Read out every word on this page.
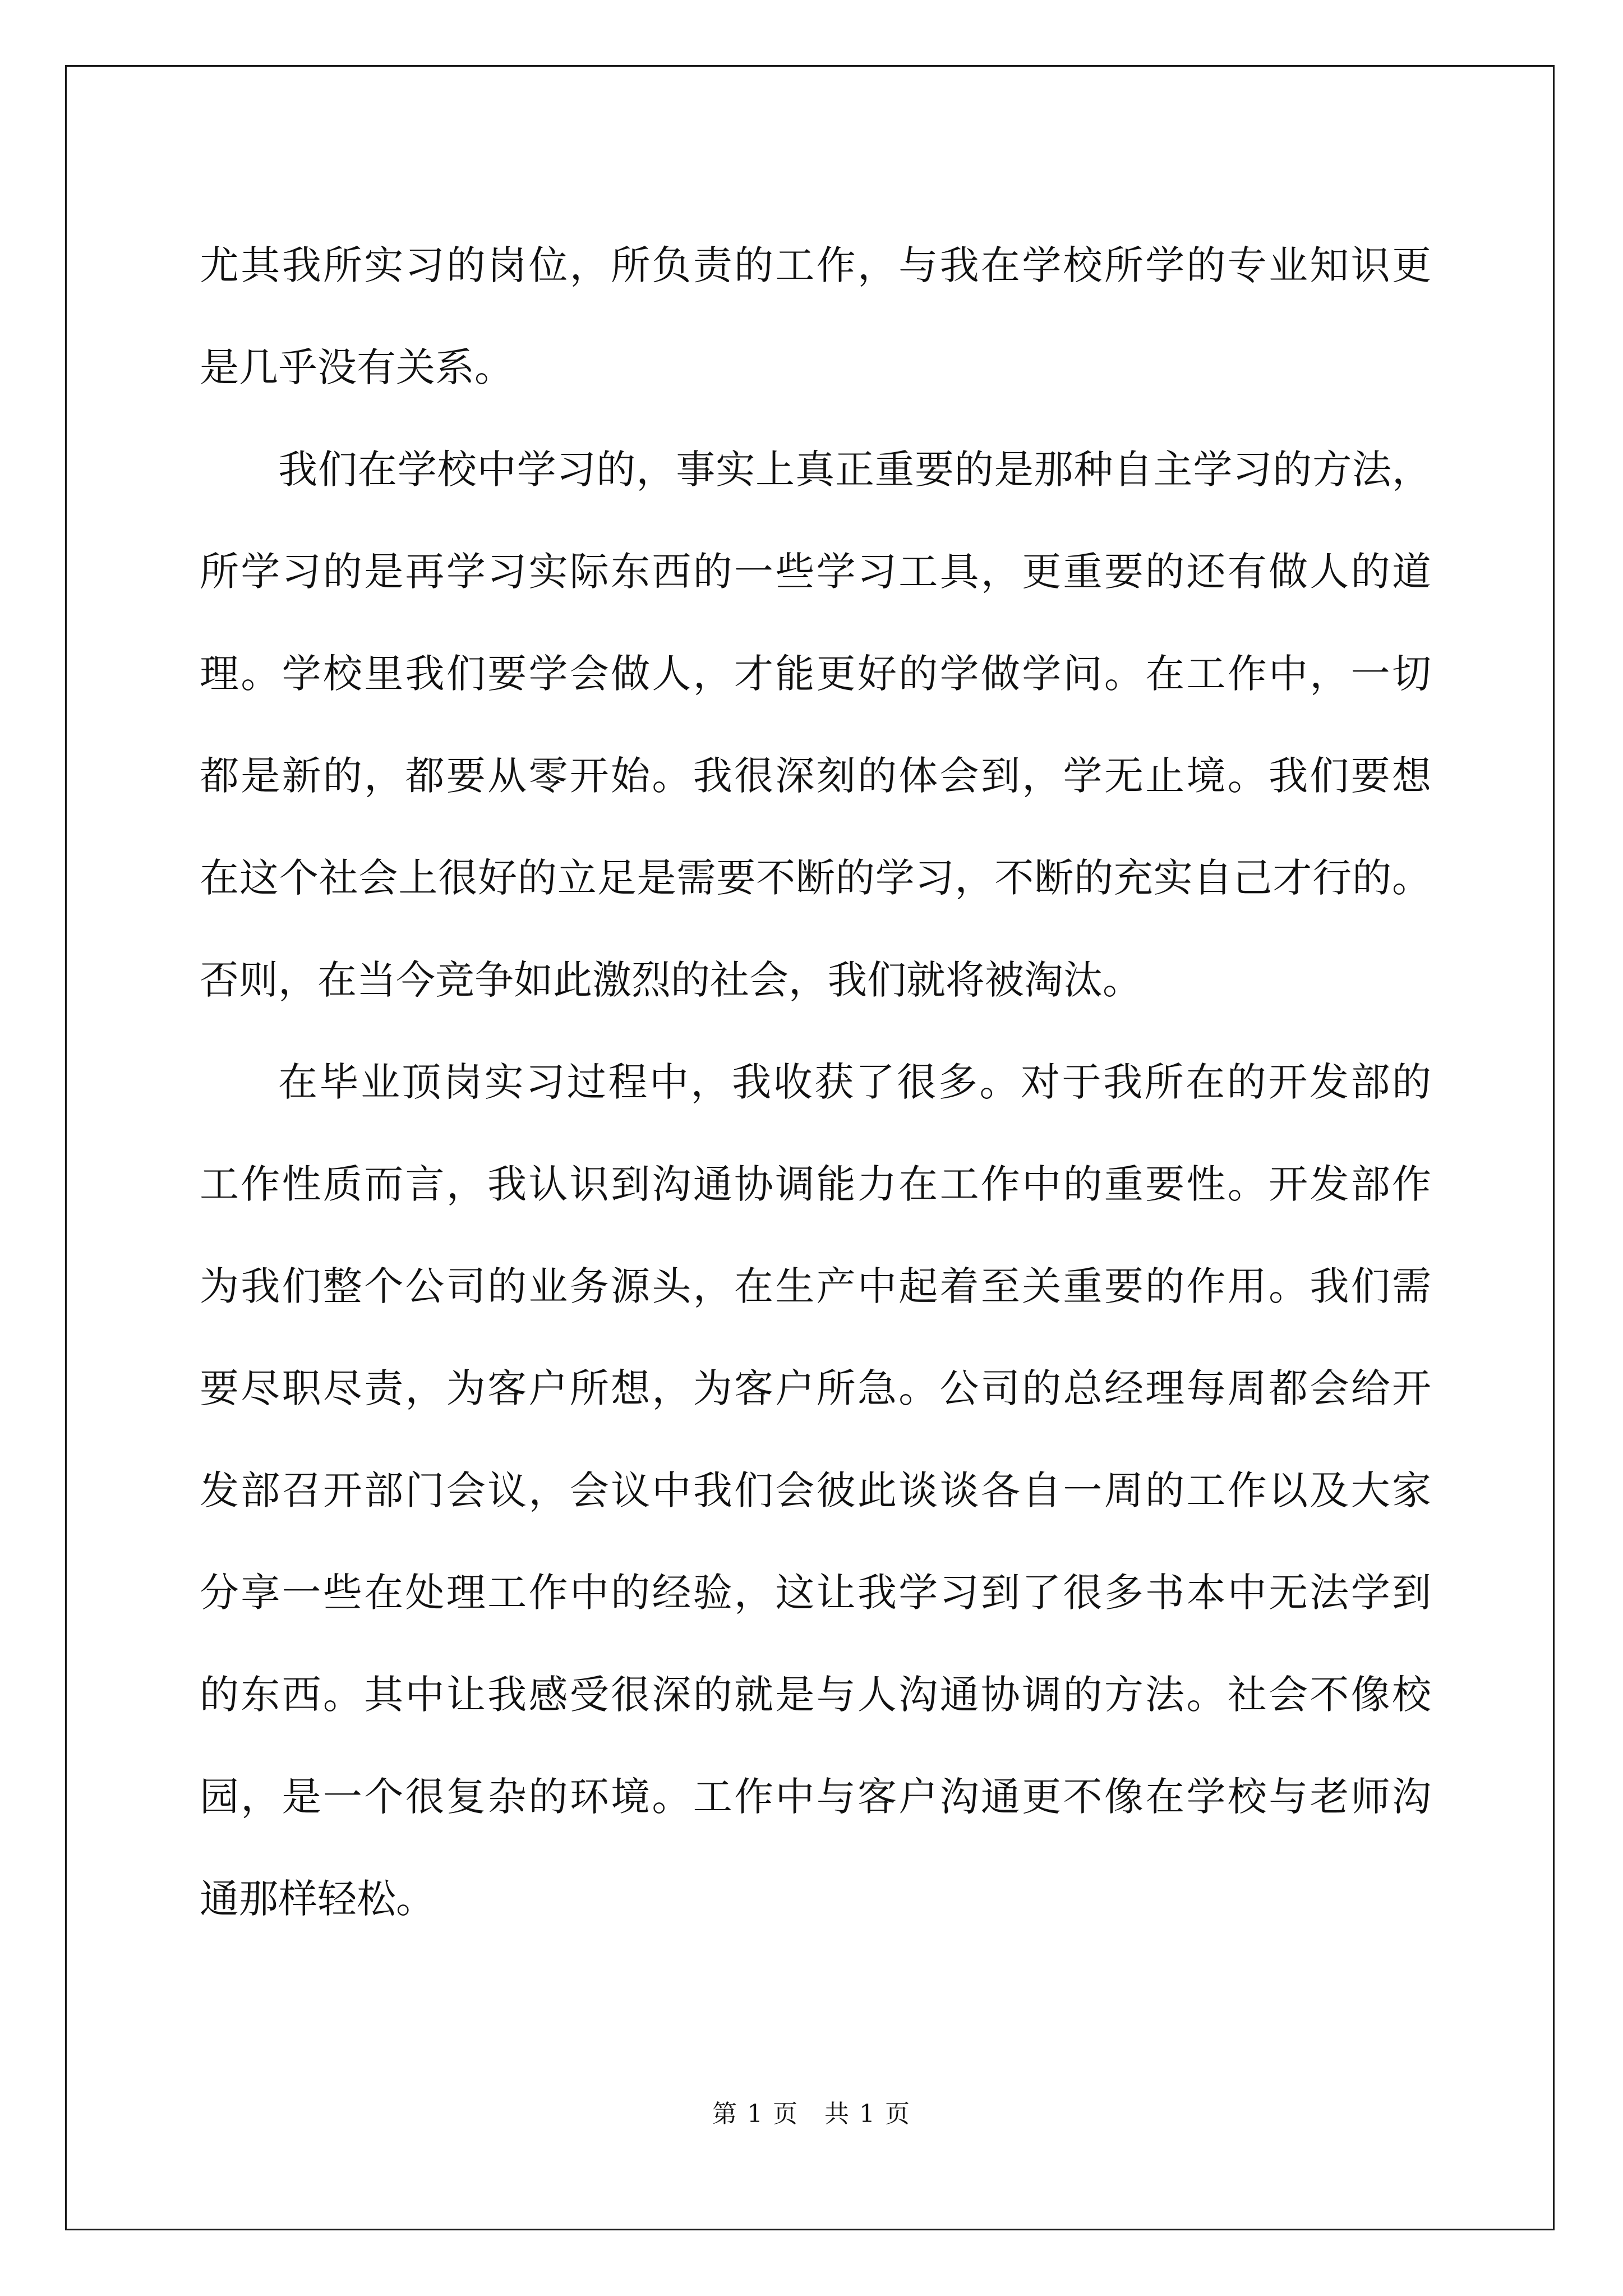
尤其我所实习的岗位，所负责的工作，与我在学校所学的专业知识更
是几乎没有关系。
我们在学校中学习的，事实上真正重要的是那种自主学习的方法，
所学习的是再学习实际东西的一些学习工具，更重要的还有做人的道
理。学校里我们要学会做人，才能更好的学做学问。在工作中，一切
都是新的，都要从零开始。我很深刻的体会到，学无止境。我们要想
在这个社会上很好的立足是需要不断的学习，不断的充实自己才行的。
否则，在当今竞争如此激烈的社会，我们就将被淘汰。
在毕业顶岗实习过程中，我收获了很多。对于我所在的开发部的
工作性质而言，我认识到沟通协调能力在工作中的重要性。开发部作
为我们整个公司的业务源头，在生产中起着至关重要的作用。我们需
要尽职尽责，为客户所想，为客户所急。公司的总经理每周都会给开
发部召开部门会议，会议中我们会彼此谈谈各自一周的工作以及大家
分享一些在处理工作中的经验，这让我学习到了很多书本中无法学到
的东西。其中让我感受很深的就是与人沟通协调的方法。社会不像校
园，是一个很复杂的环境。工作中与客户沟通更不像在学校与老师沟
通那样轻松。
第 1 页　共 1 页
